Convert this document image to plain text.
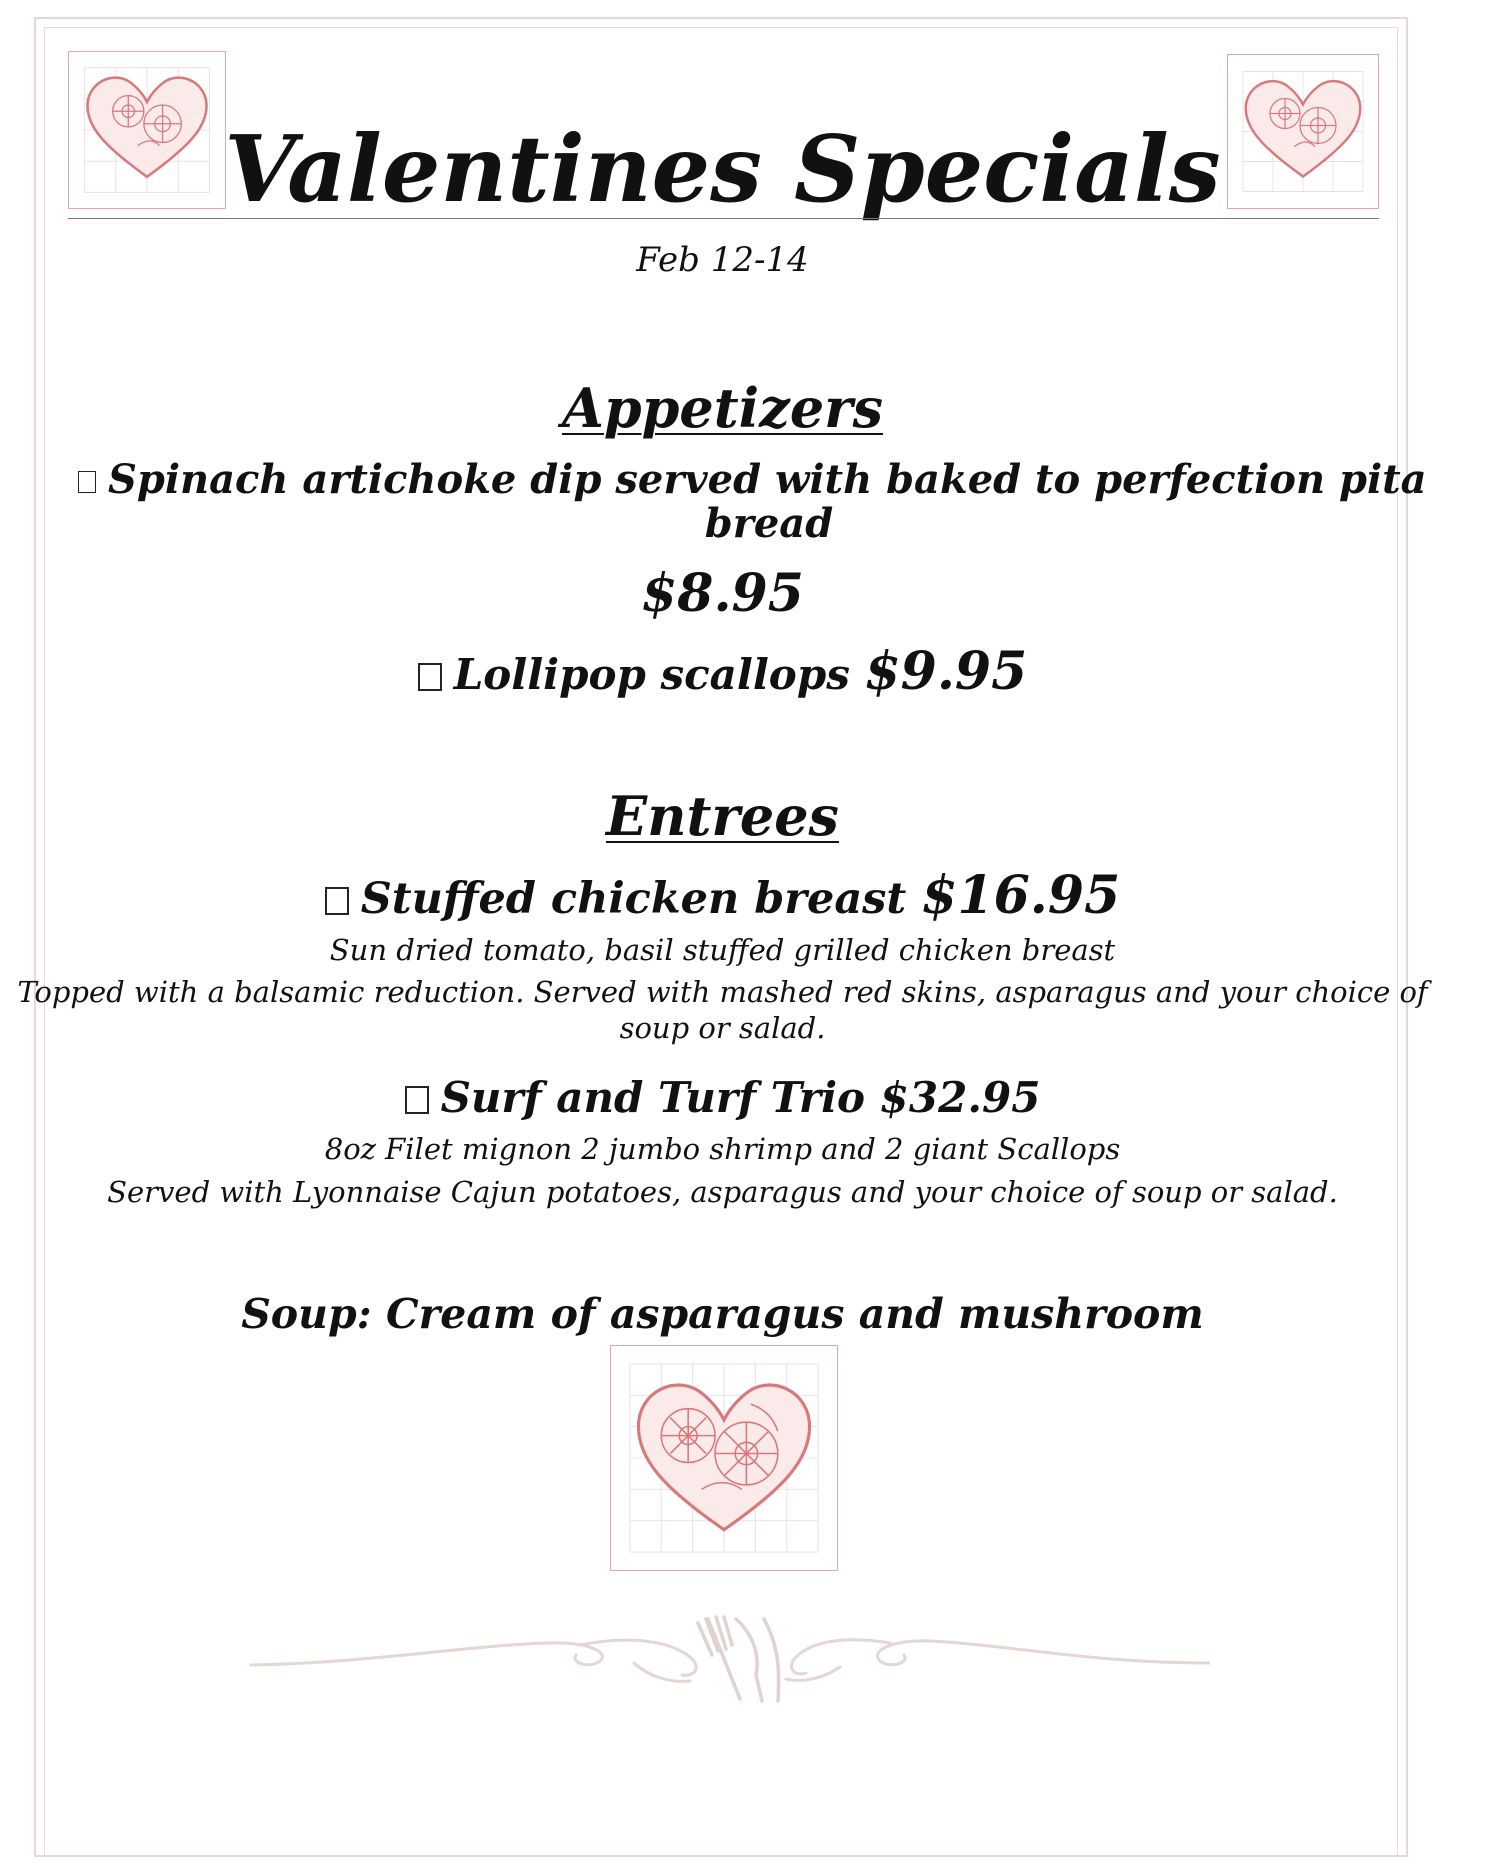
Valentines Specials
Feb 12-14
Appetizers
Spinach artichoke dip served with baked to perfection pita
bread
$8.95
Lollipop scallops $9.95
Entrees
Stuffed chicken breast $16.95
Sun dried tomato, basil stuffed grilled chicken breast
Topped with a balsamic reduction. Served with mashed red skins, asparagus and your choice of
soup or salad.
Surf and Turf Trio $32.95
8oz Filet mignon 2 jumbo shrimp and 2 giant Scallops
Served with Lyonnaise Cajun potatoes, asparagus and your choice of soup or salad.
Soup: Cream of asparagus and mushroom
